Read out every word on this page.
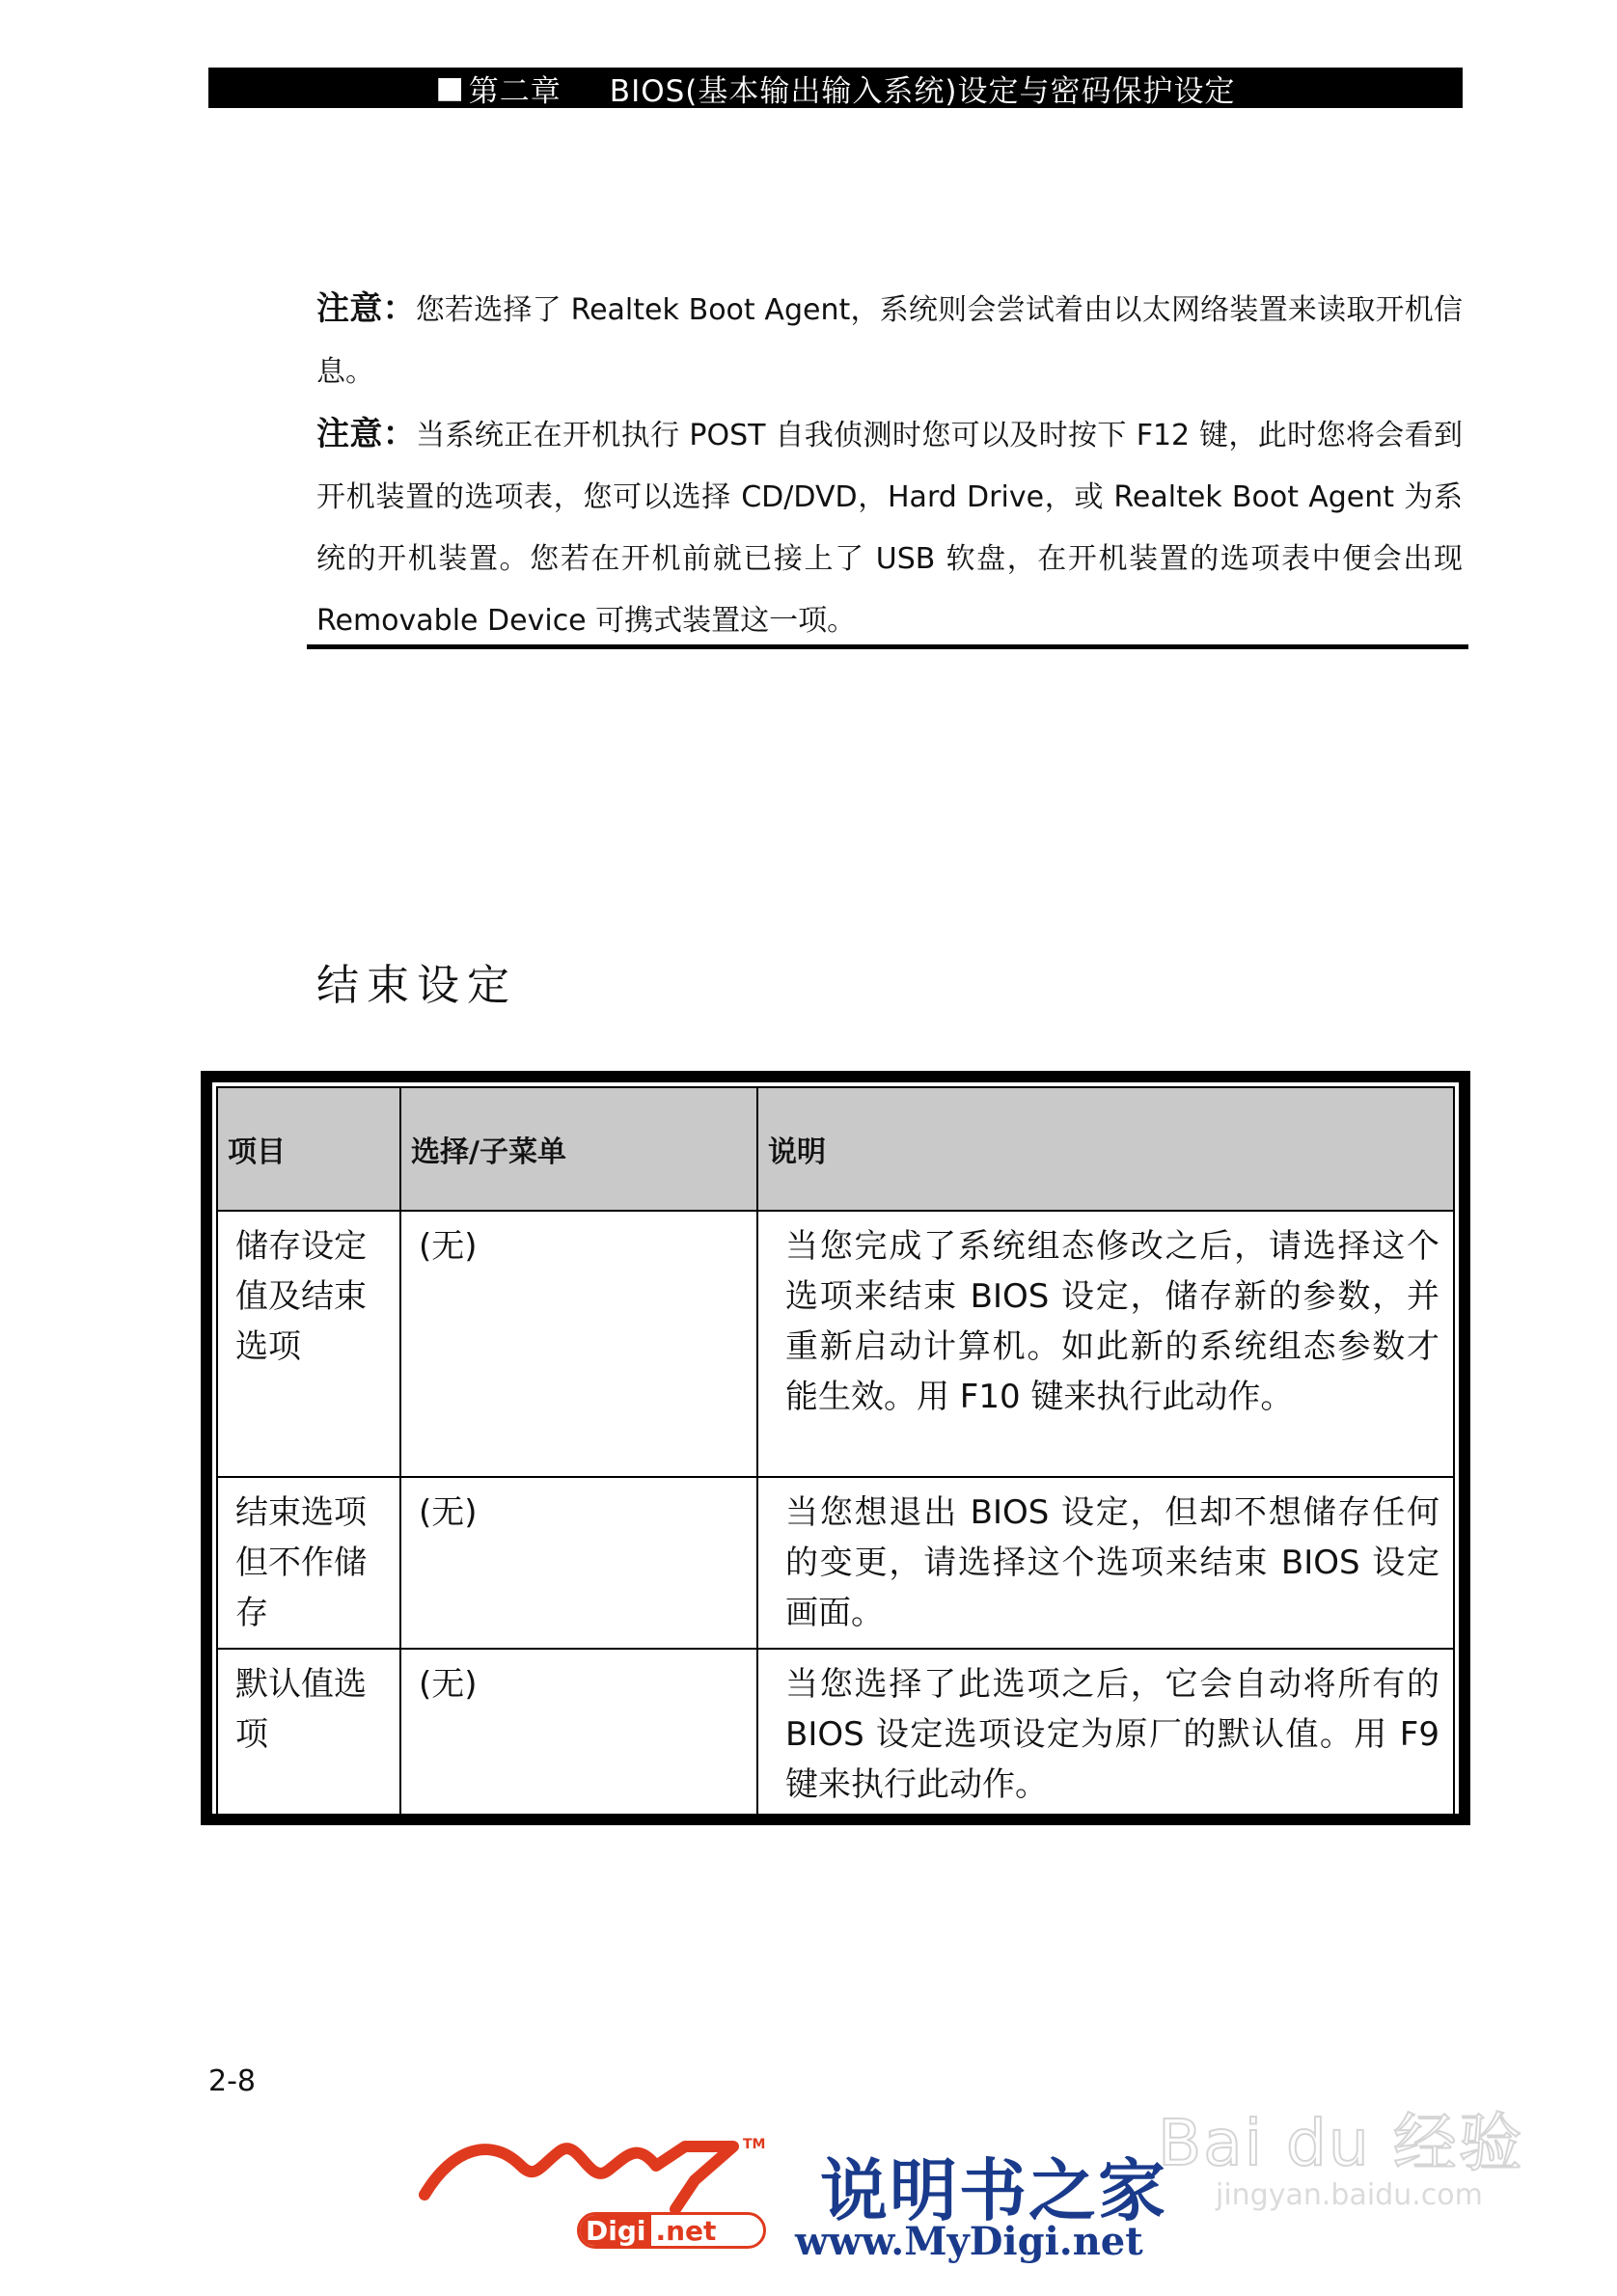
■ 第二章 BIOS(基本输出输入系统)设定与密码保护设定

注意：您若选择了 Realtek Boot Agent，系统则会尝试着由以太网络装置来读取开机信息。

注意：当系统正在开机执行 POST 自我侦测时您可以及时按下 F12 键，此时您将会看到开机装置的选项表，您可以选择 CD/DVD，Hard Drive，或 Realtek Boot Agent 为系统的开机装置。您若在开机前就已接上了 USB 软盘，在开机装置的选项表中便会出现 Removable Device 可携式装置这一项。

结束设定
项目	选择/子菜单	说明
储存设定值及结束选项	(无)	当您完成了系统组态修改之后，请选择这个选项来结束 BIOS 设定，储存新的参数，并重新启动计算机。如此新的系统组态参数才能生效。用 F10 键来执行此动作。
结束选项但不作储存	(无)	当您想退出 BIOS 设定，但却不想储存任何的变更，请选择这个选项来结束 BIOS 设定画面。
默认值选项	(无)	当您选择了此选项之后，它会自动将所有的 BIOS 设定选项设定为原厂的默认值。用 F9 键来执行此动作。
2-8
TM
Digi .net 说明书之家
www.MyDigi.net
Bai du 经验
jingyan.baidu.com
